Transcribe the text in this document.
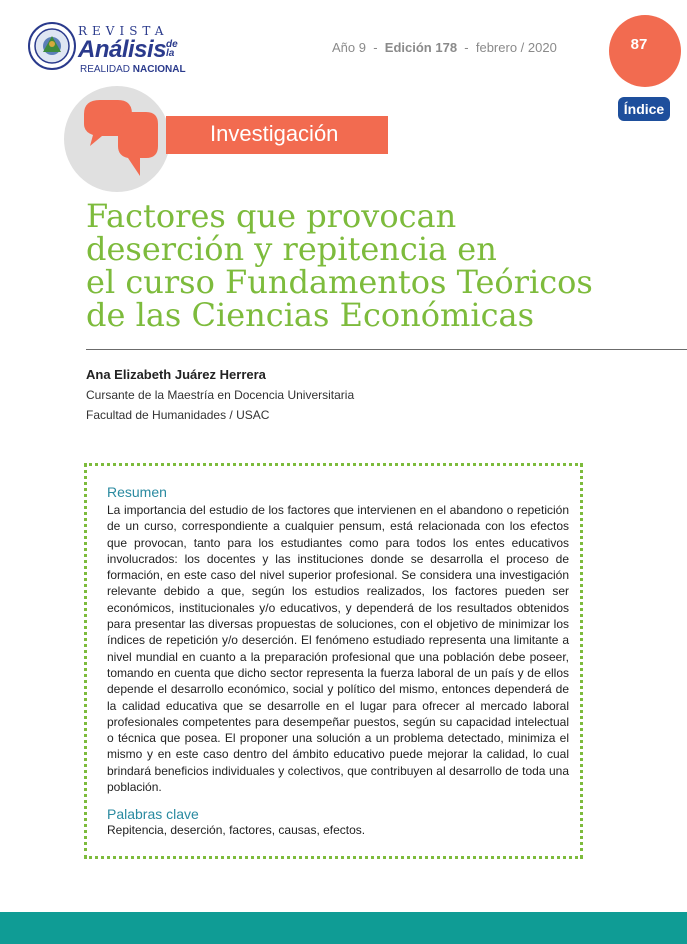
REVISTA
Análisis de la
REALIDAD NACIONAL
Año 9 - Edición 178 - febrero / 2020	87
Índice
Investigación
Factores que provocan
deserción y repitencia en
el curso Fundamentos Teóricos
de las Ciencias Económicas
Ana Elizabeth Juárez Herrera
Cursante de la Maestría en Docencia Universitaria
Facultad de Humanidades / USAC
Resumen
La importancia del estudio de los factores que intervienen en el abandono o repetición de un curso, correspondiente a cualquier pensum, está relacionada con los efectos que provocan, tanto para los estudiantes como para todos los entes educativos involucrados: los docentes y las instituciones donde se desarrolla el proceso de formación, en este caso del nivel superior profesional. Se considera una investigación relevante debido a que, según los estudios realizados, los factores pueden ser económicos, institucionales y/o educativos, y dependerá de los resultados obtenidos para presentar las diversas propuestas de soluciones, con el objetivo de minimizar los índices de repetición y/o deserción. El fenómeno estudiado representa una limitante a nivel mundial en cuanto a la preparación profesional que una población debe poseer, tomando en cuenta que dicho sector representa la fuerza laboral de un país y de ellos depende el desarrollo económico, social y político del mismo, entonces dependerá de la calidad educativa que se desarrolle en el lugar para ofrecer al mercado laboral profesionales competentes para desempeñar puestos, según su capacidad intelectual o técnica que posea. El proponer una solución a un problema detectado, minimiza el mismo y en este caso dentro del ámbito educativo puede mejorar la calidad, lo cual brindará beneficios individuales y colectivos, que contribuyen al desarrollo de toda una población.
Palabras clave
Repitencia, deserción, factores, causas, efectos.
